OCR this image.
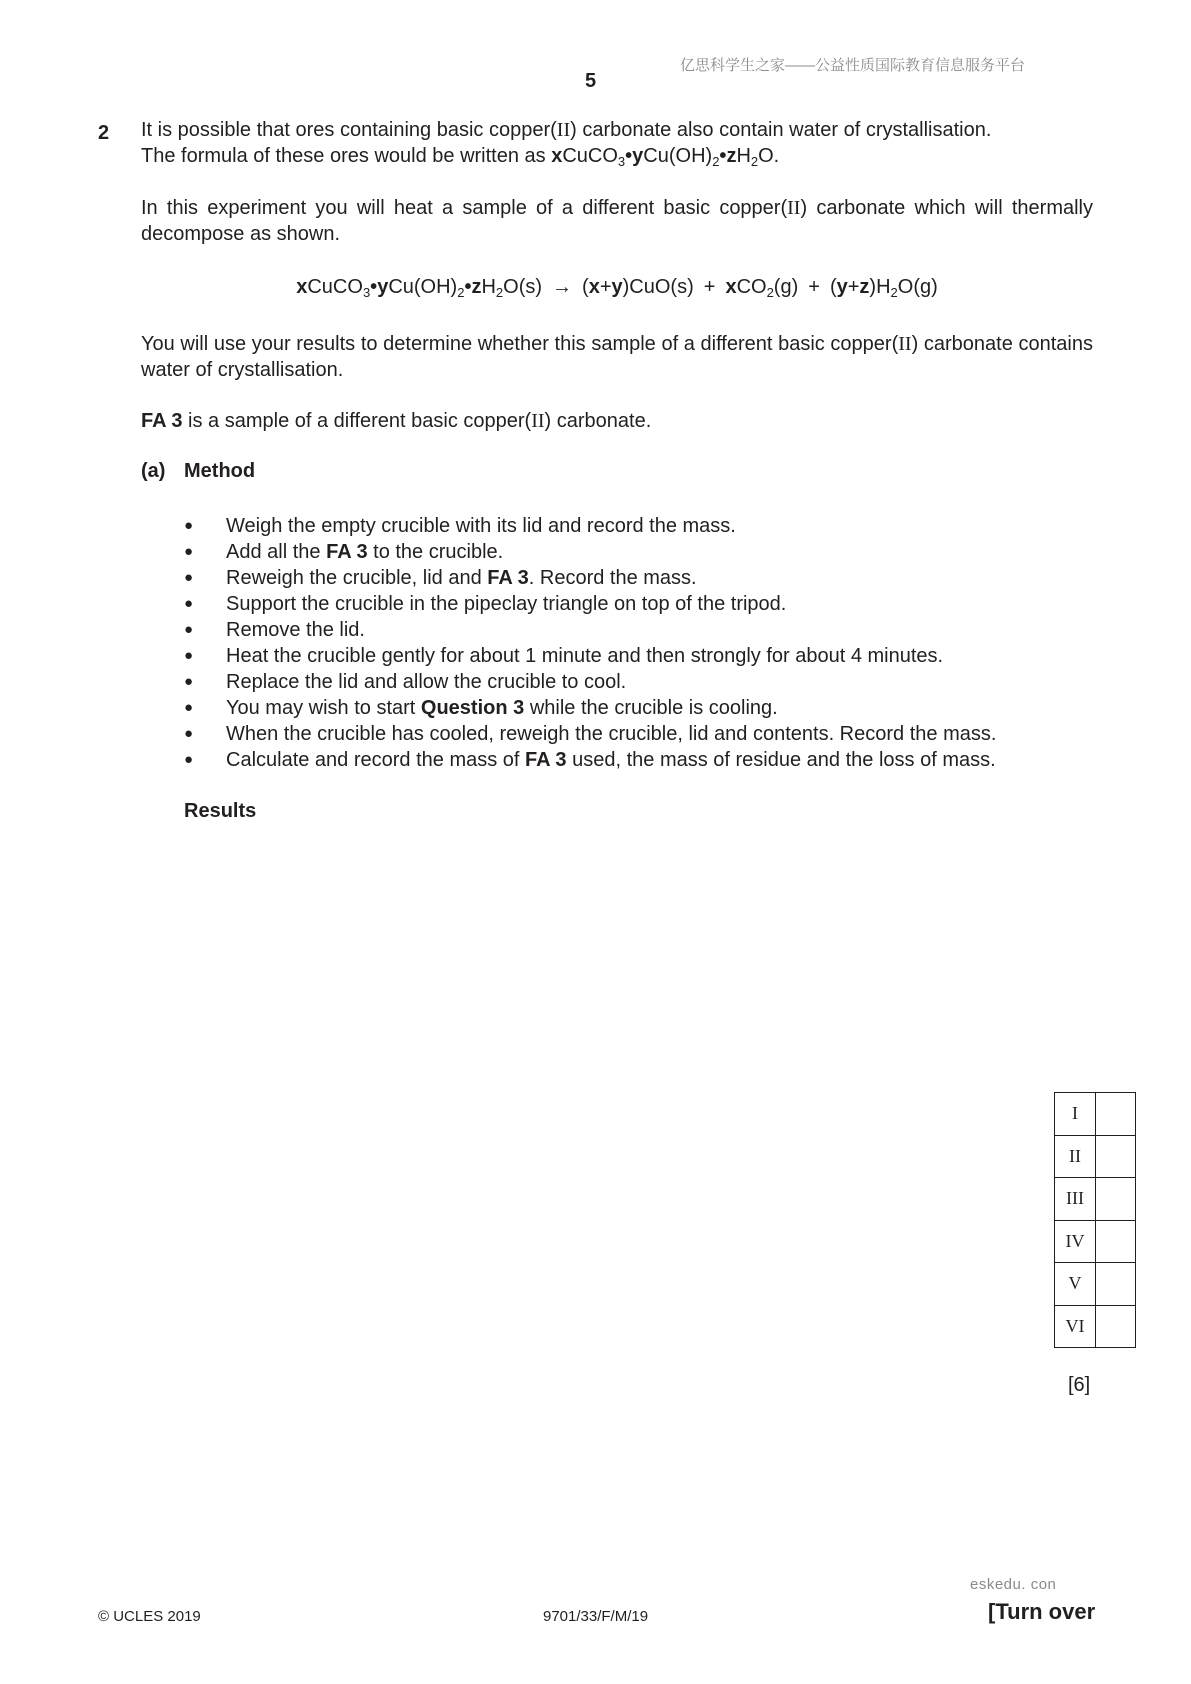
亿思科学生之家——公益性质国际教育信息服务平台
5
2 It is possible that ores containing basic copper(II) carbonate also contain water of crystallisation.
The formula of these ores would be written as $xCuCO_3•yCu(OH)_2•zH_2O$.
In this experiment you will heat a sample of a different basic copper(II) carbonate which will thermally decompose as shown.
$xCuCO_3•yCu(OH)_2•zH_2O(s) \to (x+y)CuO(s) + xCO_2(g) + (y+z)H_2O(g)$
You will use your results to determine whether this sample of a different basic copper(II) carbonate contains water of crystallisation.
FA 3 is a sample of a different basic copper(II) carbonate.
(a) Method
● Weigh the empty crucible with its lid and record the mass.
● Add all the FA 3 to the crucible.
● Reweigh the crucible, lid and FA 3. Record the mass.
● Support the crucible in the pipeclay triangle on top of the tripod.
● Remove the lid.
● Heat the crucible gently for about 1 minute and then strongly for about 4 minutes.
● Replace the lid and allow the crucible to cool.
● You may wish to start Question 3 while the crucible is cooling.
● When the crucible has cooled, reweigh the crucible, lid and contents. Record the mass.
● Calculate and record the mass of FA 3 used, the mass of residue and the loss of mass.
Results
I	
II	
III	
IV	
V	
VI	
[6]
eskedu. con
© UCLES 2019	9701/33/F/M/19	[Turn over
